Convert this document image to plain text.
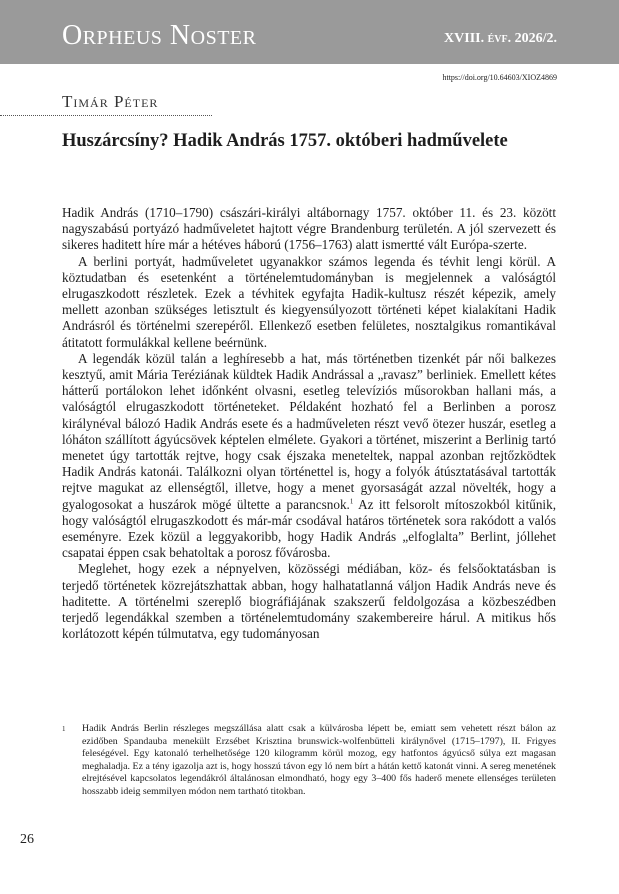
Orpheus Noster	XVIII. évf. 2026/2.
https://doi.org/10.64603/XIOZ4869
Timár Péter
Huszárcsíny? Hadik András 1757. októberi hadművelete

Hadik András (1710–1790) császári-királyi altábornagy 1757. október 11. és 23. között nagyszabású portyázó hadműveletet hajtott végre Brandenburg területén. A jól szervezett és sikeres haditett híre már a hétéves háború (1756–1763) alatt ismertté vált Európa-szerte.

A berlini portyát, hadműveletet ugyanakkor számos legenda és tévhit lengi körül. A köztudatban és esetenként a történelemtudományban is megjelennek a valóságtól elrugaszkodott részletek. Ezek a tévhitek egyfajta Hadik-kultusz részét képezik, amely mellett azonban szükséges letisztult és kiegyensúlyozott történeti képet kialakítani Hadik Andrásról és történelmi szerepéről. Ellenkező esetben felületes, nosztalgikus romantikával átitatott formulákkal kellene beérnünk.

A legendák közül talán a leghíresebb a hat, más történetben tizenkét pár női balkezes kesztyű, amit Mária Teréziának küldtek Hadik Andrással a „ravasz” berliniek. Emellett kétes hátterű portálokon lehet időnként olvasni, esetleg televíziós műsorokban hallani más, a valóságtól elrugaszkodott történeteket. Példaként hozható fel a Berlinben a porosz királynéval bálozó Hadik András esete és a hadműveleten részt vevő ötezer huszár, esetleg a lóháton szállított ágyúcsövek képtelen elmélete. Gyakori a történet, miszerint a Berlinig tartó menetet úgy tartották rejtve, hogy csak éjszaka meneteltek, nappal azonban rejtőzködtek Hadik András katonái. Találkozni olyan történettel is, hogy a folyók átúsztatásával tartották rejtve magukat az ellenségtől, illetve, hogy a menet gyorsaságát azzal növelték, hogy a gyalogosokat a huszárok mögé ültette a parancsnok.$^1$ Az itt felsorolt mítoszokból kitűnik, hogy valóságtól elrugaszkodott és már-már csodával határos történetek sora rakódott a valós eseményre. Ezek közül a leggyakoribb, hogy Hadik András „elfoglalta” Berlint, jóllehet csapatai éppen csak behatoltak a porosz fővárosba.

Meglehet, hogy ezek a népnyelven, közösségi médiában, köz- és felsőoktatásban is terjedő történetek közrejátszhattak abban, hogy halhatatlanná váljon Hadik András neve és haditette. A történelmi szereplő biográfiájának szakszerű feldolgozása a közbeszédben terjedő legendákkal szemben a történelemtudomány szakembereire hárul. A mitikus hős korlátozott képén túlmutatva, egy tudományosan

1 Hadik András Berlin részleges megszállása alatt csak a külvárosba lépett be, emiatt sem vehetett részt bálon az ezidőben Spandauba menekült Erzsébet Krisztina brunswick-wolfenbütteli királynővel (1715–1797), II. Frigyes feleségével. Egy katonaló terhelhetősége 120 kilogramm körül mozog, egy hatfontos ágyúcső súlya ezt magasan meghaladja. Ez a tény igazolja azt is, hogy hosszú távon egy ló nem bírt a hátán kettő katonát vinni. A sereg menetének elrejtésével kapcsolatos legendákról általánosan elmondható, hogy egy 3–400 fős haderő menete ellenséges területen hosszabb ideig semmilyen módon nem tartható titokban.
26
